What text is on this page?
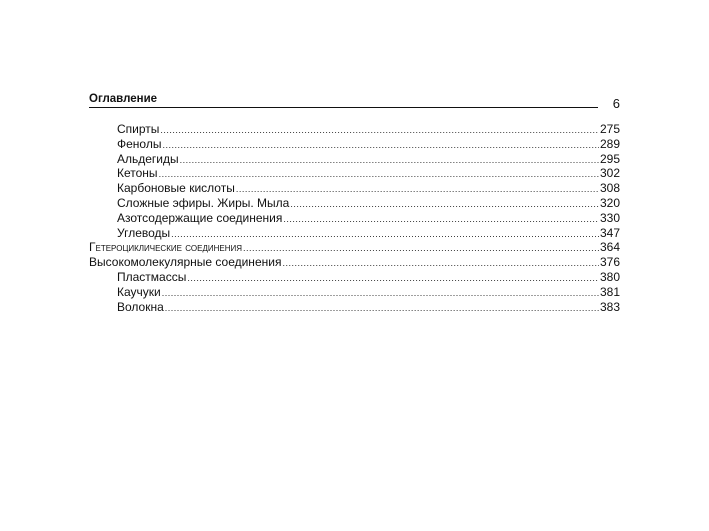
Оглавление	6
Спирты .....	275
Фенолы .....	289
Альдегиды .....	295
Кетоны .....	302
Карбоновые кислоты .....	308
Сложные эфиры. Жиры. Мыла .....	320
Азотсодержащие соединения .....	330
Углеводы .....	347
Гетероциклические соединения .....	364
Высокомолекулярные соединения .....	376
Пластмассы .....	380
Каучуки .....	381
Волокна .....	383
